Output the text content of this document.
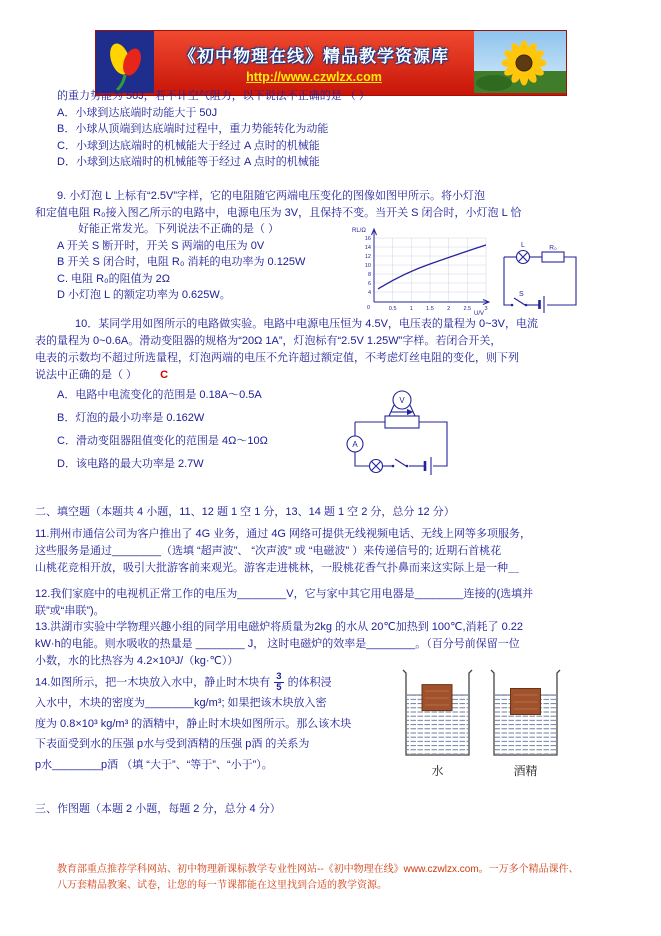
《初中物理在线》精品教学资源库
http://www.czwlzx.com
的重力势能为 50J，若不计空气阻力，以下说法不正确的是 （ ）
A．小球到达底端时动能大于 50J
B．小球从顶端到达底端时过程中，重力势能转化为动能
C．小球到达底端时的机械能大于经过 A 点时的机械能
D．小球到达底端时的机械能等于经过 A 点时的机械能
9. 小灯泡 L 上标有“2.5V”字样，它的电阻随它两端电压变化的图像如图甲所示。将小灯泡
和定值电阻 R₀接入图乙所示的电路中，电源电压为 3V，且保持不变。当开关 S 闭合时，小灯泡 L 恰
好能正常发光。下列说法不正确的是（ ）
A 开关 S 断开时，开关 S 两端的电压为 0V
B 开关 S 闭合时，电阻 R₀ 消耗的电功率为 0.125W
C. 电阻 R₀的阻值为 2Ω
D 小灯泡 L 的额定功率为 0.625W。
16
14
12
10
8
6
4
0.5 1 1.5 2 2.5 3
0
RL/Ω
U/V
L	R₀
S
10．某同学用如图所示的电路做实验。电路中电源电压恒为 4.5V，电压表的量程为 0~3V，电流
表的量程为 0~0.6A。滑动变阻器的规格为“20Ω 1A”，灯泡标有“2.5V 1.25W”字样。若闭合开关，
电表的示数均不超过所选量程，灯泡两端的电压不允许超过额定值，不考虑灯丝电阻的变化，则下列
说法中正确的是（ ） C
A．电路中电流变化的范围是 0.18A～0.5A
B．灯泡的最小功率是 0.162W
C．滑动变阻器阻值变化的范围是 4Ω～10Ω
D．该电路的最大功率是 2.7W
V
A
二、填空题（本题共 4 小题，11、12 题 1 空 1 分，13、14 题 1 空 2 分，总分 12 分）
11.荆州市通信公司为客户推出了 4G 业务，通过 4G 网络可提供无线视频电话、无线上网等多项服务，
这些服务是通过________（选填 “超声波”、 “次声波” 或 “电磁波” ）来传递信号的; 近期石首桃花
山桃花竞相开放，吸引大批游客前来观光。游客走进桃林，一股桃花香气扑鼻而来这实际上是一种＿
12.我们家庭中的电视机正常工作的电压为________V，它与家中其它用电器是________连接的(选填并
联”或“串联”)。
13.洪湖市实验中学物理兴趣小组的同学用电磁炉将质量为2kg 的水从 20℃加热到 100℃,消耗了 0.22
kW·h的电能。则水吸收的热量是 ________ J， 这时电磁炉的效率是________。（百分号前保留一位
小数，水的比热容为 4.2×10³J/（kg·℃））
14.如图所示，把一木块放入水中，静止时木块有 $\frac{3}{5}$ 的体积浸
入水中，木块的密度为________kg/m³; 如果把该木块放入密
度为 0.8×10³ kg/m³ 的酒精中，静止时木块如图所示。那么该木块
下表面受到水的压强 p水与受到酒精的压强 p酒 的关系为
p水________p酒 （填 “大于”、“等于”、“小于”）。	水	酒精
三、作图题（本题 2 小题，每题 2 分，总分 4 分）
教育部重点推荐学科网站、初中物理新课标教学专业性网站--《初中物理在线》www.czwlzx.com。一万多个精品课件、
八万套精品教案、试卷，让您的每一节课都能在这里找到合适的教学资源。
